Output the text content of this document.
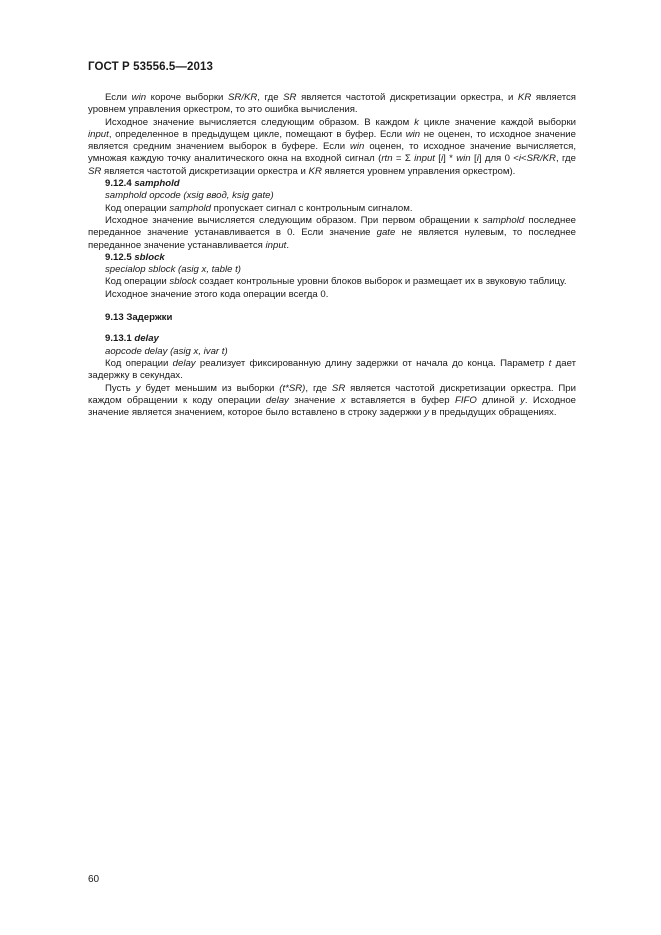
ГОСТ Р 53556.5—2013

Если win короче выборки SR/KR, где SR является частотой дискретизации оркестра, и KR является уровнем управления оркестром, то это ошибка вычисления.

Исходное значение вычисляется следующим образом. В каждом k цикле значение каждой выборки input, определенное в предыдущем цикле, помещают в буфер. Если win не оценен, то исходное значение является средним значением выборок в буфере. Если win оценен, то исходное значение вычисляется, умножая каждую точку аналитического окна на входной сигнал (rtn = Σ input [i] * win [i] для 0 <i<SR/KR, где SR является частотой дискретизации оркестра и KR является уровнем управления оркестром).

9.12.4 samphold

samphold opcode (xsig ввод, ksig gate)

Код операции samphold пропускает сигнал с контрольным сигналом.

Исходное значение вычисляется следующим образом. При первом обращении к samphold последнее переданное значение устанавливается в 0. Если значение gate не является нулевым, то последнее переданное значение устанавливается input.

9.12.5 sblock

specialop sblock (asig x, table t)

Код операции sblock создает контрольные уровни блоков выборок и размещает их в звуковую таблицу.

Исходное значение этого кода операции всегда 0.

9.13 Задержки

9.13.1 delay

aopcode delay (asig x, ivar t)

Код операции delay реализует фиксированную длину задержки от начала до конца. Параметр t дает задержку в секундах.

Пусть у будет меньшим из выборки (t*SR), где SR является частотой дискретизации оркестра. При каждом обращении к коду операции delay значение x вставляется в буфер FIFO длиной y. Исходное значение является значением, которое было вставлено в строку задержки у в предыдущих обращениях.

60
